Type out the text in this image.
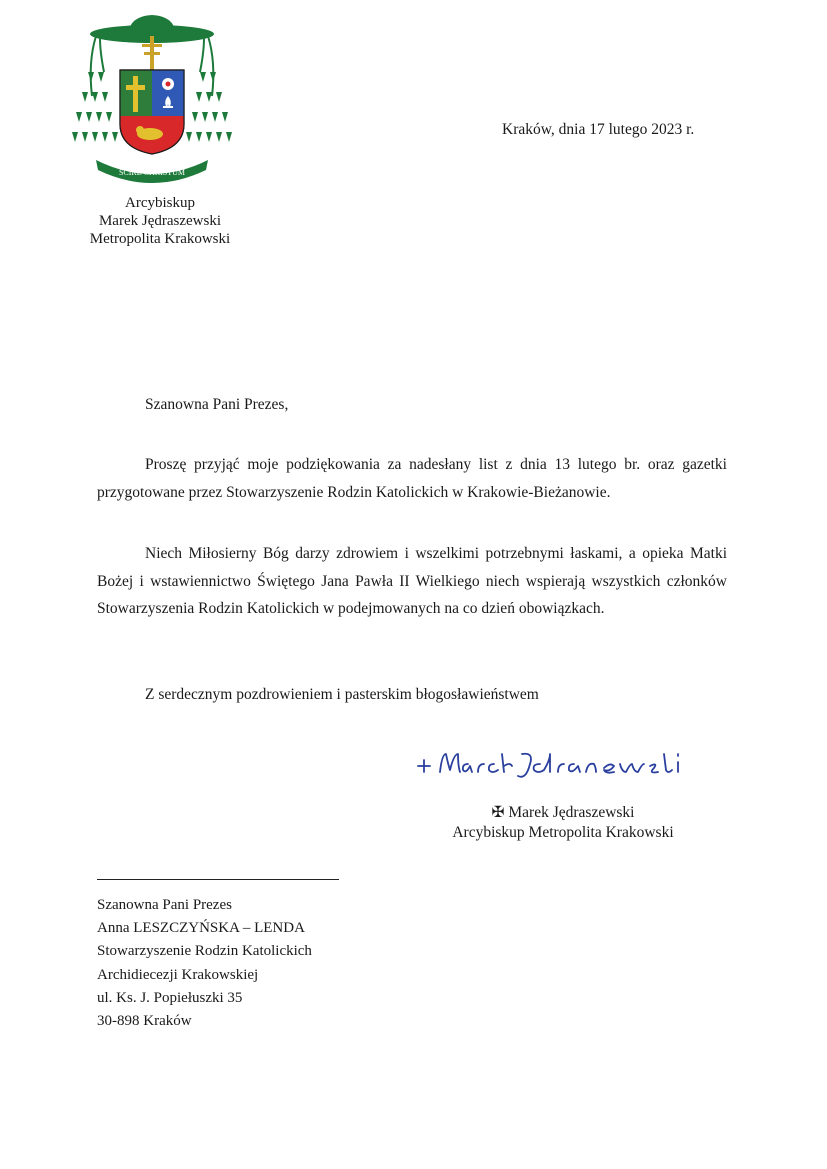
SCIRE CHRISTUM
Arcybiskup
Marek Jędraszewski
Metropolita Krakowski
Kraków, dnia 17 lutego 2023 r.
Szanowna Pani Prezes,
Proszę przyjąć moje podziękowania za nadesłany list z dnia 13 lutego br. oraz gazetki przygotowane przez Stowarzyszenie Rodzin Katolickich w Krakowie-Bieżanowie.
Niech Miłosierny Bóg darzy zdrowiem i wszelkimi potrzebnymi łaskami, a opieka Matki Bożej i wstawiennictwo Świętego Jana Pawła II Wielkiego niech wspierają wszystkich członków Stowarzyszenia Rodzin Katolickich w podejmowanych na co dzień obowiązkach.
Z serdecznym pozdrowieniem i pasterskim błogosławieństwem
✠ Marek Jędraszewski
Arcybiskup Metropolita Krakowski
Szanowna Pani Prezes
Anna LESZCZYŃSKA – LENDA
Stowarzyszenie Rodzin Katolickich
Archidiecezji Krakowskiej
ul. Ks. J. Popiełuszki 35
30-898 Kraków
